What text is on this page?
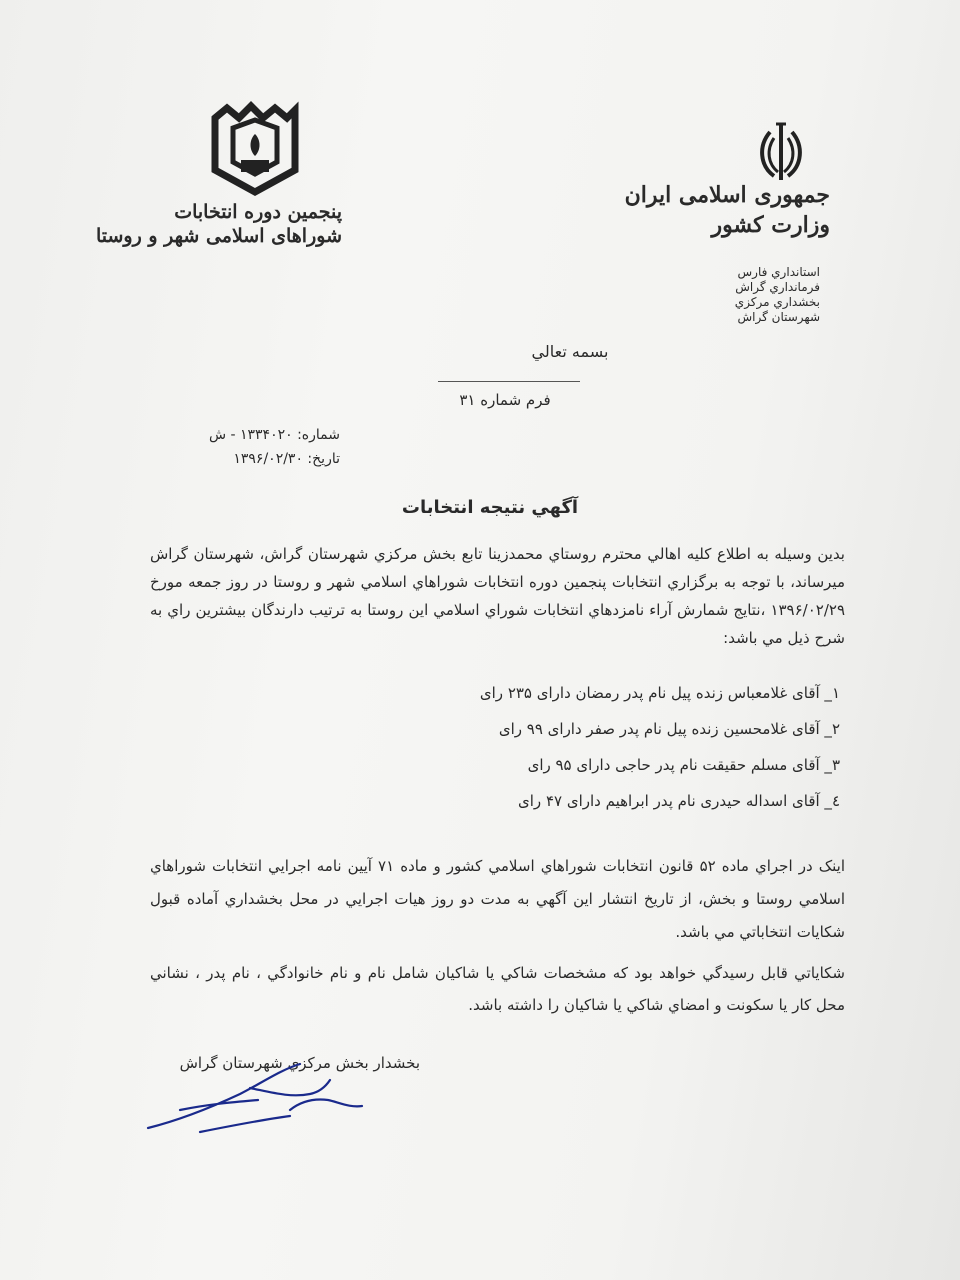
پنجمین دوره انتخابات
شوراهای اسلامی شهر و روستا
جمهوری اسلامی ایران
وزارت کشور
استانداري فارس
فرمانداري گراش
بخشداري مرکزي
شهرستان گراش
بسمه تعالي
فرم شماره ۳۱
شماره: ۱۳۳۴۰۲۰ - ش
تاریخ: ۱۳۹۶/۰۲/۳۰
آگهي نتيجه انتخابات
بدین وسیله به اطلاع کلیه اهالي محترم روستاي محمدزینا تابع بخش مرکزي شهرستان گراش، شهرستان گراش میرساند، با توجه به برگزاري انتخابات پنجمین دوره انتخابات شوراهاي اسلامي شهر و روستا در روز جمعه مورخ ۱۳۹۶/۰۲/۲۹ ،نتايج شمارش آراء نامزدهاي انتخابات شوراي اسلامي اين روستا به ترتيب دارندگان بیشترین راي به شرح ذيل مي باشد:
۱_ آقای غلامعباس زنده پیل نام پدر رمضان دارای ۲۳۵ رای
۲_ آقای غلامحسین زنده پیل نام پدر صفر دارای ۹۹ رای
۳_ آقای مسلم حقیقت نام پدر حاجی دارای ۹۵ رای
٤_ آقای اسداله حیدری نام پدر ابراهیم دارای ۴۷ رای
اینک در اجراي ماده ۵۲ قانون انتخابات شوراهاي اسلامي کشور و ماده ۷۱ آیین نامه اجرایي انتخابات شوراهاي اسلامي روستا و بخش، از تاریخ انتشار این آگهي به مدت دو روز هیات اجرایي در محل بخشداري آماده قبول شکایات انتخاباتي مي باشد.
شکایاتي قابل رسیدگي خواهد بود که مشخصات شاکي یا شاکیان شامل نام و نام خانوادگي ، نام پدر ، نشاني محل کار یا سکونت و امضاي شاکي یا شاکیان را داشته باشد.
بخشدار بخش مرکزي شهرستان گراش
